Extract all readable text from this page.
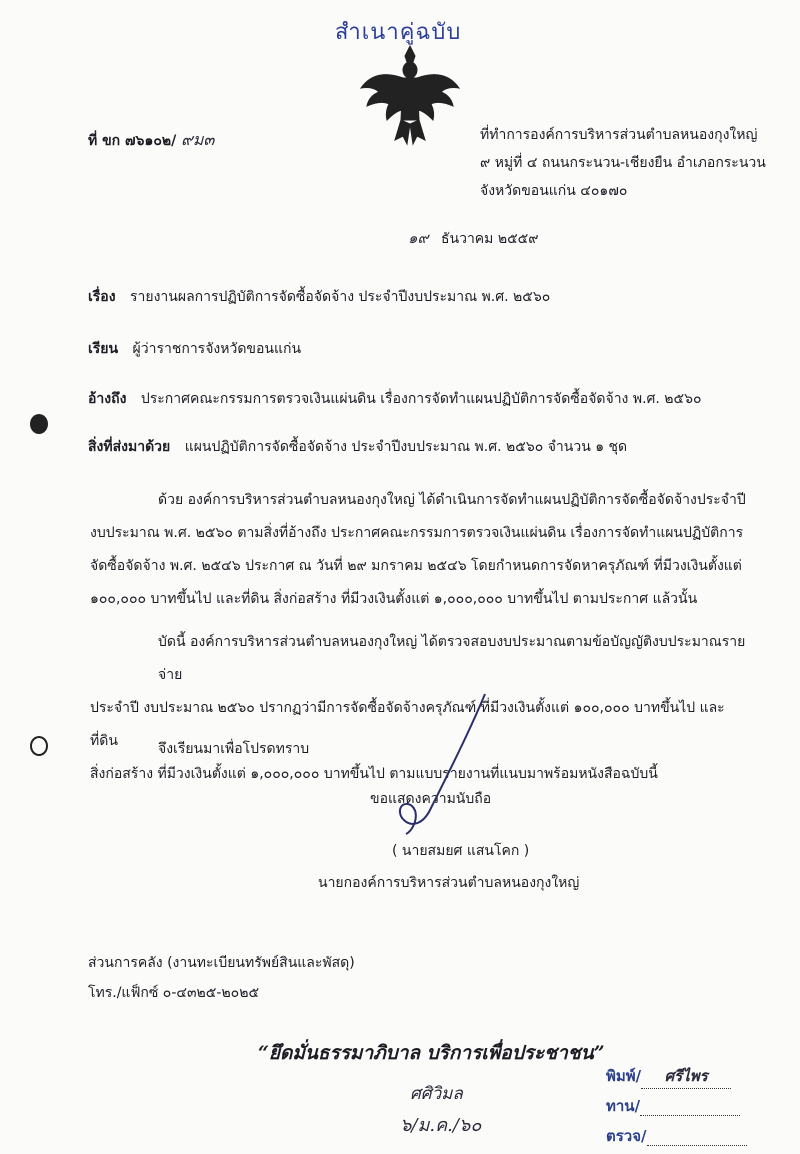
สำเนาคู่ฉบับ
ที่ ขก ๗๖๑๐๒/ ๙ม๓	ที่ทำการองค์การบริหารส่วนตำบลหนองกุงใหญ่
๙ หมู่ที่ ๔ ถนนกระนวน-เชียงยืน อำเภอกระนวน
จังหวัดขอนแก่น ๔๐๑๗๐
๑๙ ธันวาคม ๒๕๕๙
เรื่อง รายงานผลการปฏิบัติการจัดซื้อจัดจ้าง ประจำปีงบประมาณ พ.ศ. ๒๕๖๐
เรียน ผู้ว่าราชการจังหวัดขอนแก่น
อ้างถึง ประกาศคณะกรรมการตรวจเงินแผ่นดิน เรื่องการจัดทำแผนปฏิบัติการจัดซื้อจัดจ้าง พ.ศ. ๒๕๖๐
สิ่งที่ส่งมาด้วย แผนปฏิบัติการจัดซื้อจัดจ้าง ประจำปีงบประมาณ พ.ศ. ๒๕๖๐ จำนวน ๑ ชุด
ด้วย องค์การบริหารส่วนตำบลหนองกุงใหญ่ ได้ดำเนินการจัดทำแผนปฏิบัติการจัดซื้อจัดจ้างประจำปี
งบประมาณ พ.ศ. ๒๕๖๐ ตามสิ่งที่อ้างถึง ประกาศคณะกรรมการตรวจเงินแผ่นดิน เรื่องการจัดทำแผนปฏิบัติการ
จัดซื้อจัดจ้าง พ.ศ. ๒๕๔๖ ประกาศ ณ วันที่ ๒๙ มกราคม ๒๕๔๖ โดยกำหนดการจัดหาครุภัณฑ์ ที่มีวงเงินตั้งแต่
๑๐๐,๐๐๐ บาทขึ้นไป และที่ดิน สิ่งก่อสร้าง ที่มีวงเงินตั้งแต่ ๑,๐๐๐,๐๐๐ บาทขึ้นไป ตามประกาศ แล้วนั้น
บัดนี้ องค์การบริหารส่วนตำบลหนองกุงใหญ่ ได้ตรวจสอบงบประมาณตามข้อบัญญัติงบประมาณรายจ่าย
ประจำปี งบประมาณ ๒๕๖๐ ปรากฏว่ามีการจัดซื้อจัดจ้างครุภัณฑ์ ที่มีวงเงินตั้งแต่ ๑๐๐,๐๐๐ บาทขึ้นไป และที่ดิน
สิ่งก่อสร้าง ที่มีวงเงินตั้งแต่ ๑,๐๐๐,๐๐๐ บาทขึ้นไป ตามแบบรายงานที่แนบมาพร้อมหนังสือฉบับนี้
จึงเรียนมาเพื่อโปรดทราบ
ขอแสดงความนับถือ
( นายสมยศ แสนโคก )
นายกองค์การบริหารส่วนตำบลหนองกุงใหญ่
ส่วนการคลัง (งานทะเบียนทรัพย์สินและพัสดุ)
โทร./แฟ็กซ์ ๐-๔๓๒๕-๒๐๒๕
“ยึดมั่นธรรมาภิบาล บริการเพื่อประชาชน”
ศศิวิมล
๖/ม.ค./๖๐
พิมพ์/ ศรีไพร
ทาน/
ตรวจ/
